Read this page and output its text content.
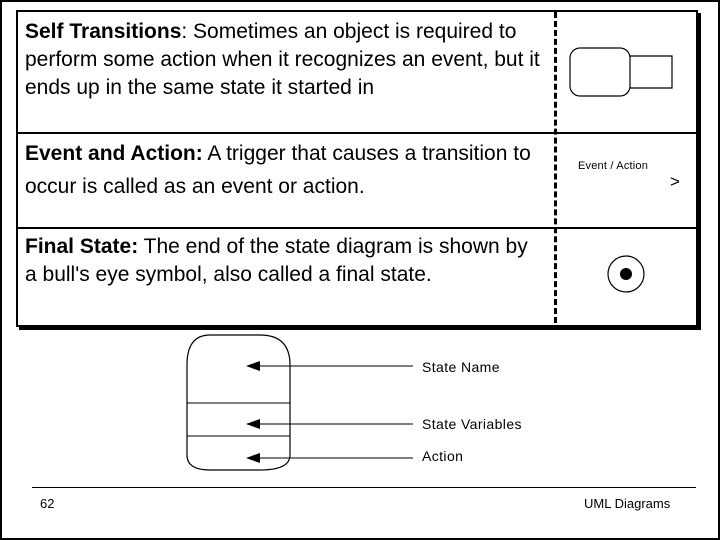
Self Transitions: Sometimes an object is required to perform some action when it recognizes an event, but it ends up in the same state it started in
Event and Action: A trigger that causes a transition to occur is called as an event or action.
Final State: The end of the state diagram is shown by a bull's eye symbol, also called a final state.
Event / Action
>
State Name
State Variables
Action
62	UML Diagrams
